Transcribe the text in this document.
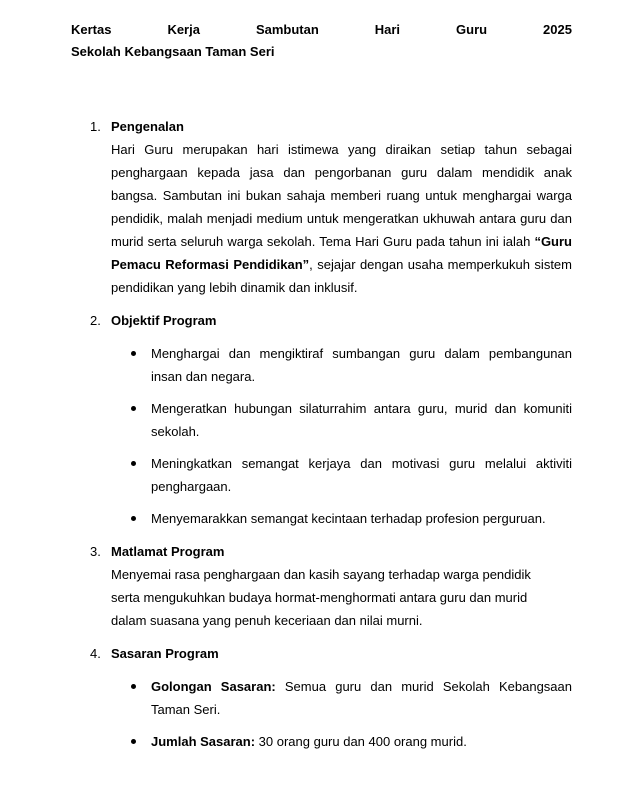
Kertas	Kerja	Sambutan	Hari	Guru	2025
Sekolah Kebangsaan Taman Seri
1. Pengenalan
Hari Guru merupakan hari istimewa yang diraikan setiap tahun sebagai penghargaan kepada jasa dan pengorbanan guru dalam mendidik anak bangsa. Sambutan ini bukan sahaja memberi ruang untuk menghargai warga pendidik, malah menjadi medium untuk mengeratkan ukhuwah antara guru dan murid serta seluruh warga sekolah. Tema Hari Guru pada tahun ini ialah “Guru Pemacu Reformasi Pendidikan”, sejajar dengan usaha memperkukuh sistem pendidikan yang lebih dinamik dan inklusif.
2. Objektif Program
Menghargai dan mengiktiraf sumbangan guru dalam pembangunan insan dan negara.
Mengeratkan hubungan silaturrahim antara guru, murid dan komuniti sekolah.
Meningkatkan semangat kerjaya dan motivasi guru melalui aktiviti penghargaan.
Menyemarakkan semangat kecintaan terhadap profesion perguruan.
3. Matlamat Program
Menyemai rasa penghargaan dan kasih sayang terhadap warga pendidik
serta mengukuhkan budaya hormat-menghormati antara guru dan murid
dalam suasana yang penuh keceriaan dan nilai murni.
4. Sasaran Program
Golongan Sasaran: Semua guru dan murid Sekolah Kebangsaan Taman Seri.
Jumlah Sasaran: 30 orang guru dan 400 orang murid.
